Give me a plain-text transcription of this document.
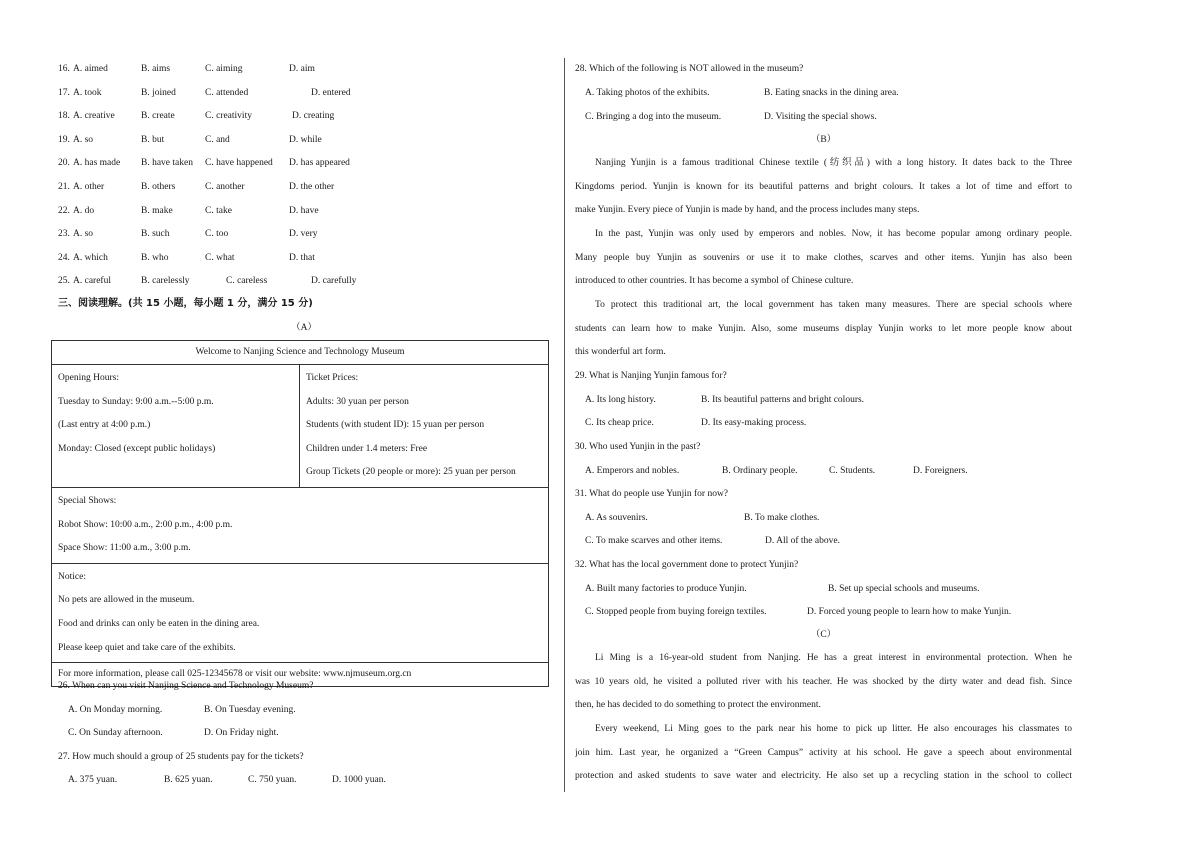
16. A. aimed	B. aims	C. aiming	D. aim
17. A. took	B. joined	C. attended	D. entered
18. A. creative	B. create	C. creativity	D. creating
19. A. so	B. but	C. and	D. while
20. A. has made B. have taken C. have happened D. has appeared
21. A. other	B. others	C. another	D. the other
22. A. do	B. make	C. take	D. have
23. A. so	B. such	C. too	D. very
24. A. which	B. who	C. what	D. that
25. A. careful	B. carelessly	C. careless	D. carefully
三、阅读理解。(共 15 小题，每小题 1 分，满分 15 分)
（A）
Welcome to Nanjing Science and Technology Museum

Opening Hours:
Tuesday to Sunday: 9:00 a.m.--5:00 p.m.
(Last entry at 4:00 p.m.)
Monday: Closed (except public holidays)

Ticket Prices:
Adults: 30 yuan per person
Students (with student ID): 15 yuan per person
Children under 1.4 meters: Free
Group Tickets (20 people or more): 25 yuan per person

Special Shows:
Robot Show: 10:00 a.m., 2:00 p.m., 4:00 p.m.
Space Show: 11:00 a.m., 3:00 p.m.

Notice:
No pets are allowed in the museum.
Food and drinks can only be eaten in the dining area.
Please keep quiet and take care of the exhibits.

For more information, please call 025-12345678 or visit our website: www.njmuseum.org.cn
26. When can you visit Nanjing Science and Technology Museum?
A. On Monday morning.	B. On Tuesday evening.
C. On Sunday afternoon.	D. On Friday night.
27. How much should a group of 25 students pay for the tickets?
A. 375 yuan.	B. 625 yuan.	C. 750 yuan.	D. 1000 yuan.
28. Which of the following is NOT allowed in the museum?
A. Taking photos of the exhibits.	B. Eating snacks in the dining area.
C. Bringing a dog into the museum.	D. Visiting the special shows.
（B）
Nanjing Yunjin is a famous traditional Chinese textile (纺织品) with a long history. It dates back to the Three
Kingdoms period. Yunjin is known for its beautiful patterns and bright colours. It takes a lot of time and effort to
make Yunjin. Every piece of Yunjin is made by hand, and the process includes many steps.
In the past, Yunjin was only used by emperors and nobles. Now, it has become popular among ordinary people.
Many people buy Yunjin as souvenirs or use it to make clothes, scarves and other items. Yunjin has also been
introduced to other countries. It has become a symbol of Chinese culture.
To protect this traditional art, the local government has taken many measures. There are special schools where
students can learn how to make Yunjin. Also, some museums display Yunjin works to let more people know about
this wonderful art form.
29. What is Nanjing Yunjin famous for?
A. Its long history.	B. Its beautiful patterns and bright colours.
C. Its cheap price.	D. Its easy-making process.
30. Who used Yunjin in the past?
A. Emperors and nobles.	B. Ordinary people.	C. Students.	D. Foreigners.
31. What do people use Yunjin for now?
A. As souvenirs.	B. To make clothes.
C. To make scarves and other items.	D. All of the above.
32. What has the local government done to protect Yunjin?
A. Built many factories to produce Yunjin.	B. Set up special schools and museums.
C. Stopped people from buying foreign textiles.	D. Forced young people to learn how to make Yunjin.
（C）
Li Ming is a 16-year-old student from Nanjing. He has a great interest in environmental protection. When he
was 10 years old, he visited a polluted river with his teacher. He was shocked by the dirty water and dead fish. Since
then, he has decided to do something to protect the environment.
Every weekend, Li Ming goes to the park near his home to pick up litter. He also encourages his classmates to
join him. Last year, he organized a “Green Campus” activity at his school. He gave a speech about environmental
protection and asked students to save water and electricity. He also set up a recycling station in the school to collect
